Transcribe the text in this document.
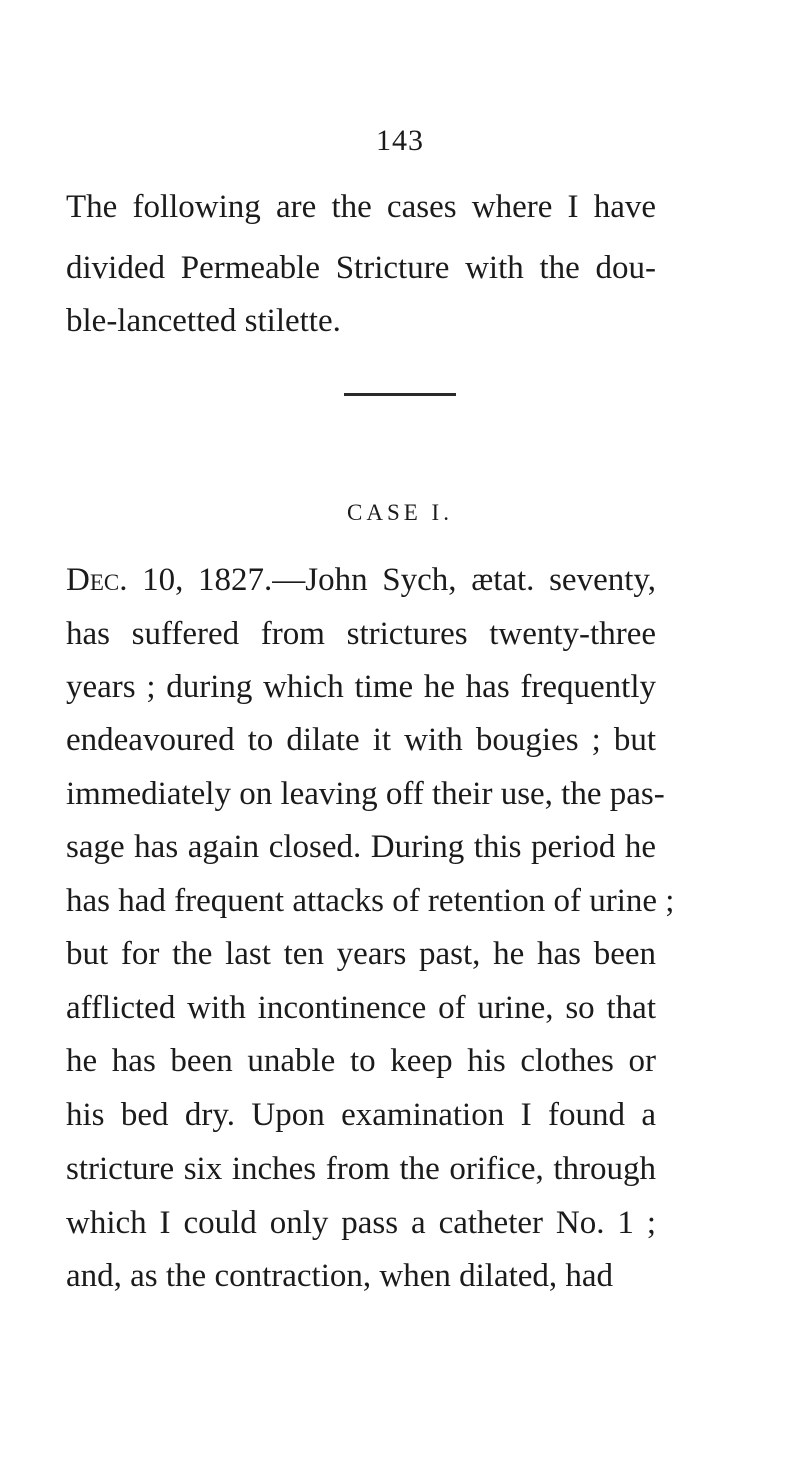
143
The following are the cases where I have
divided Permeable Stricture with the dou-
ble-lancetted stilette.
CASE I.
Dec. 10, 1827.—John Sych, ætat. seventy,
has suffered from strictures twenty-three
years ; during which time he has frequently
endeavoured to dilate it with bougies ; but
immediately on leaving off their use, the pas-
sage has again closed. During this period he
has had frequent attacks of retention of urine ;
but for the last ten years past, he has been
afflicted with incontinence of urine, so that
he has been unable to keep his clothes or
his bed dry. Upon examination I found a
stricture six inches from the orifice, through
which I could only pass a catheter No. 1 ;
and, as the contraction, when dilated, had
